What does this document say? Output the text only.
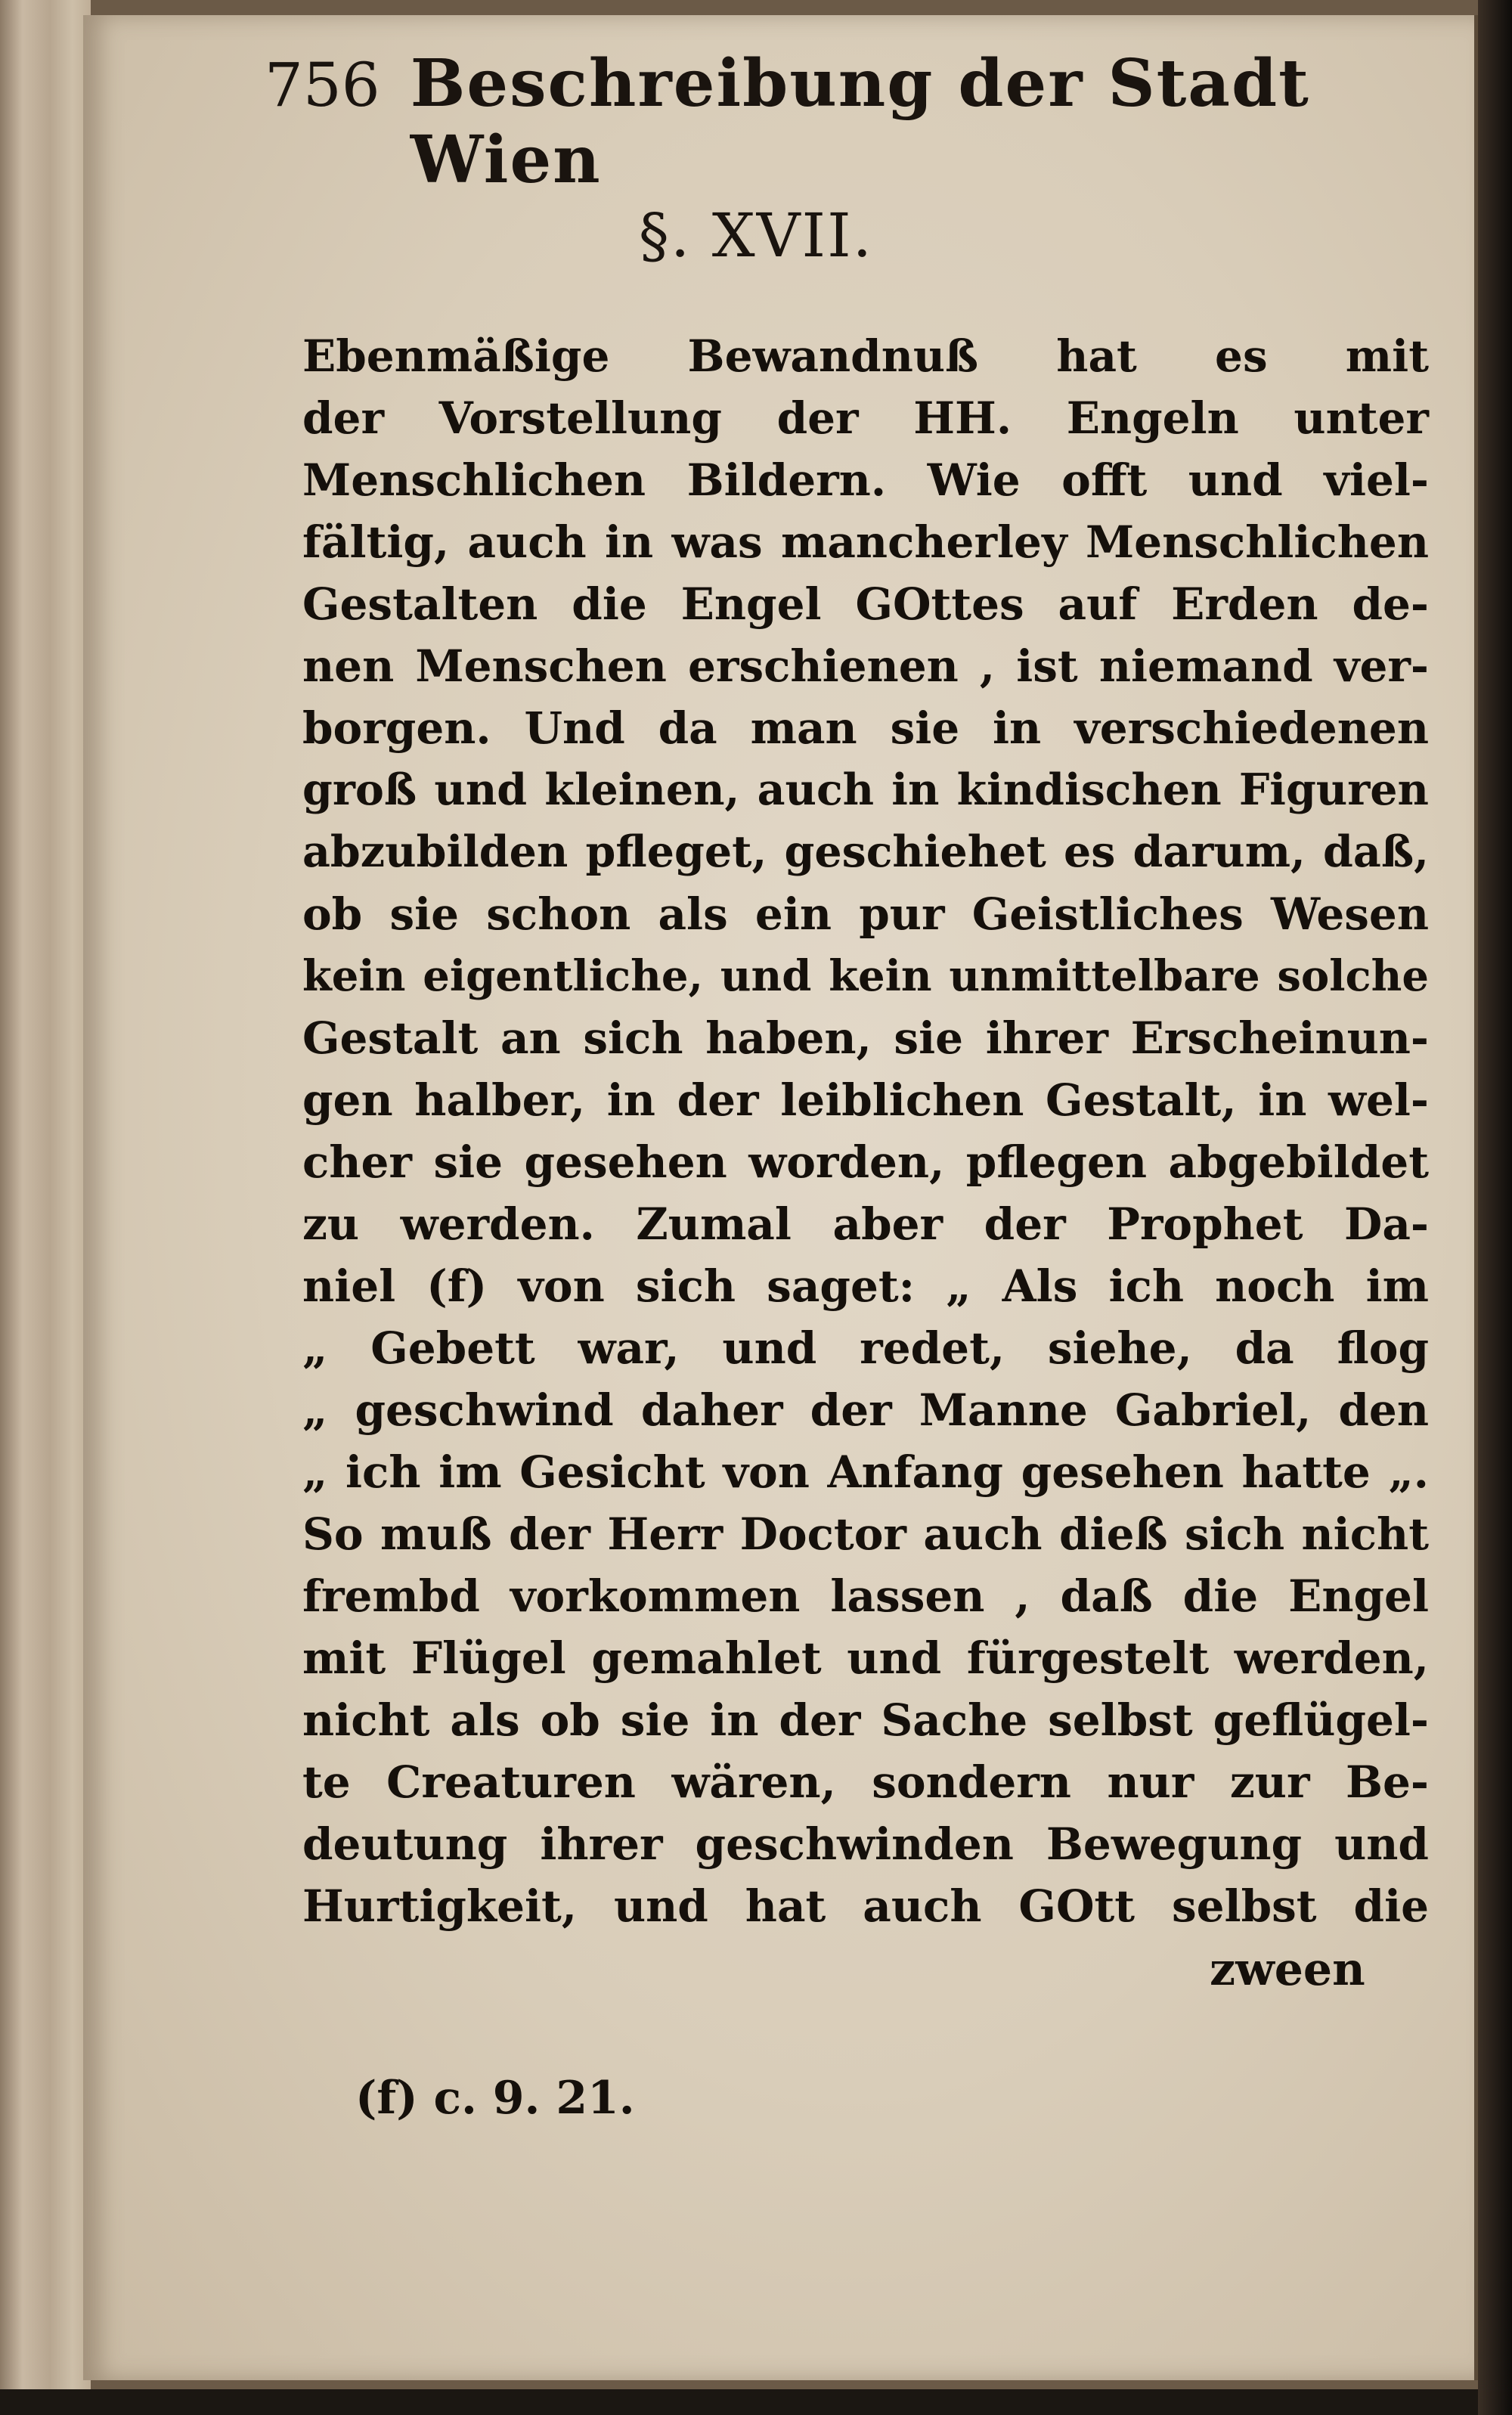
756 Beschreibung der Stadt Wien
§. XVII.
Ebenmäßige Bewandnuß hat es mit
der Vorstellung der HH. Engeln unter
Menschlichen Bildern. Wie offt und viel-
fältig, auch in was mancherley Menschlichen
Gestalten die Engel GOttes auf Erden de-
nen Menschen erschienen , ist niemand ver-
borgen. Und da man sie in verschiedenen
groß und kleinen, auch in kindischen Figuren
abzubilden pfleget, geschiehet es darum, daß,
ob sie schon als ein pur Geistliches Wesen
kein eigentliche, und kein unmittelbare solche
Gestalt an sich haben, sie ihrer Erscheinun-
gen halber, in der leiblichen Gestalt, in wel-
cher sie gesehen worden, pflegen abgebildet
zu werden. Zumal aber der Prophet Da-
niel (f) von sich saget: „ Als ich noch im
„ Gebett war, und redet, siehe, da flog
„ geschwind daher der Manne Gabriel, den
„ ich im Gesicht von Anfang gesehen hatte „.
So muß der Herr Doctor auch dieß sich nicht
frembd vorkommen lassen , daß die Engel
mit Flügel gemahlet und fürgestelt werden,
nicht als ob sie in der Sache selbst geflügel-
te Creaturen wären, sondern nur zur Be-
deutung ihrer geschwinden Bewegung und
Hurtigkeit, und hat auch GOtt selbst die
zween
(f) c. 9. 21.
